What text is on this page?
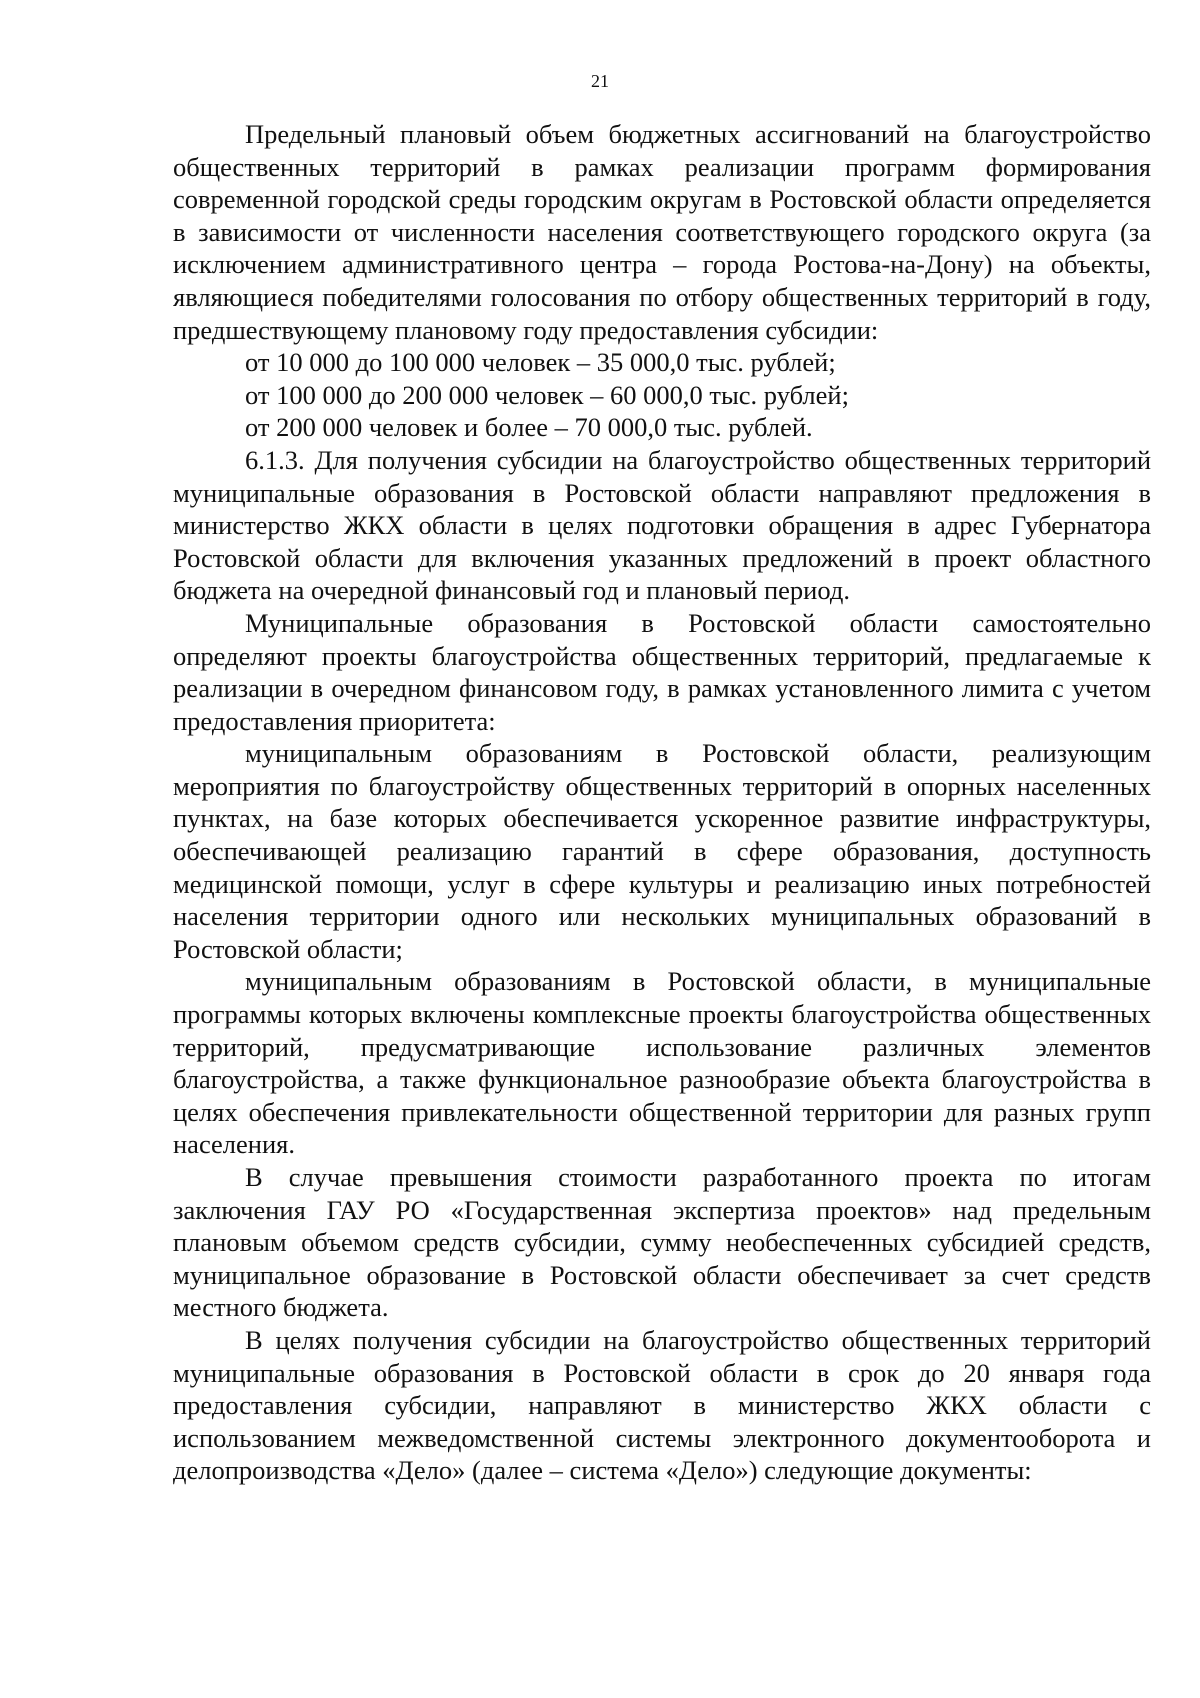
21

Предельный плановый объем бюджетных ассигнований на благоустройство общественных территорий в рамках реализации программ формирования современной городской среды городским округам в Ростовской области определяется в зависимости от численности населения соответствующего городского округа (за исключением административного центра – города Ростова-на-Дону) на объекты, являющиеся победителями голосования по отбору общественных территорий в году, предшествующему плановому году предоставления субсидии:

от 10 000 до 100 000 человек – 35 000,0 тыс. рублей;

от 100 000 до 200 000 человек – 60 000,0 тыс. рублей;

от 200 000 человек и более – 70 000,0 тыс. рублей.

6.1.3. Для получения субсидии на благоустройство общественных территорий муниципальные образования в Ростовской области направляют предложения в министерство ЖКХ области в целях подготовки обращения в адрес Губернатора Ростовской области для включения указанных предложений в проект областного бюджета на очередной финансовый год и плановый период.

Муниципальные образования в Ростовской области самостоятельно определяют проекты благоустройства общественных территорий, предлагаемые к реализации в очередном финансовом году, в рамках установленного лимита с учетом предоставления приоритета:

муниципальным образованиям в Ростовской области, реализующим мероприятия по благоустройству общественных территорий в опорных населенных пунктах, на базе которых обеспечивается ускоренное развитие инфраструктуры, обеспечивающей реализацию гарантий в сфере образования, доступность медицинской помощи, услуг в сфере культуры и реализацию иных потребностей населения территории одного или нескольких муниципальных образований в Ростовской области;

муниципальным образованиям в Ростовской области, в муниципальные программы которых включены комплексные проекты благоустройства общественных территорий, предусматривающие использование различных элементов благоустройства, а также функциональное разнообразие объекта благоустройства в целях обеспечения привлекательности общественной территории для разных групп населения.

В случае превышения стоимости разработанного проекта по итогам заключения ГАУ РО «Государственная экспертиза проектов» над предельным плановым объемом средств субсидии, сумму необеспеченных субсидией средств, муниципальное образование в Ростовской области обеспечивает за счет средств местного бюджета.

В целях получения субсидии на благоустройство общественных территорий муниципальные образования в Ростовской области в срок до 20 января года предоставления субсидии, направляют в министерство ЖКХ области с использованием межведомственной системы электронного документооборота и делопроизводства «Дело» (далее – система «Дело») следующие документы:
